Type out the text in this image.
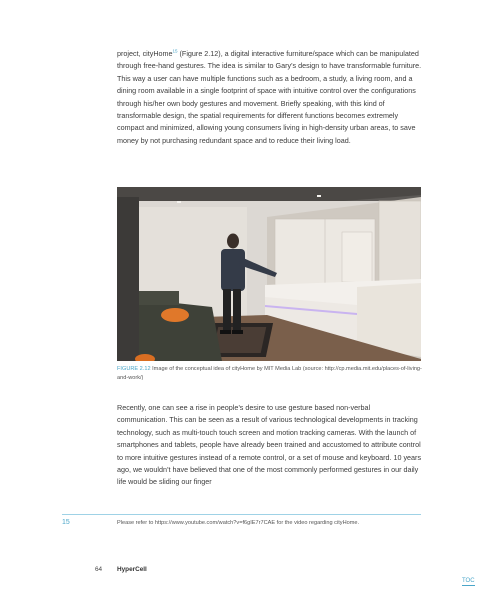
project, cityHome$^{15}$ (Figure 2.12), a digital interactive furniture/space which can be manipulated through free-hand gestures. The idea is similar to Gary’s design to have transformable furniture. This way a user can have multiple functions such as a bedroom, a study, a living room, and a dining room available in a single footprint of space with intuitive control over the configurations through his/her own body gestures and movement. Briefly speaking, with this kind of transformable design, the spatial requirements for different functions becomes extremely compact and minimized, allowing young consumers living in high-density urban areas, to save money by not purchasing redundant space and to reduce their living load.
FIGURE 2.12 Image of the conceptual idea of cityHome by MIT Media Lab (source: http://cp.media.mit.edu/places-of-living-and-work/)
Recently, one can see a rise in people’s desire to use gesture based non-verbal communication. This can be seen as a result of various technological developments in tracking technology, such as multi-touch touch screen and motion tracking cameras. With the launch of smartphones and tablets, people have already been trained and accustomed to attribute control to more intuitive gestures instead of a remote control, or a set of mouse and keyboard. 10 years ago, we wouldn’t have believed that one of the most commonly performed gestures in our daily life would be sliding our finger
15	Please refer to https://www.youtube.com/watch?v=f6gIE7r7CAE for the video regarding cityHome.
64 HyperCell
TOC
